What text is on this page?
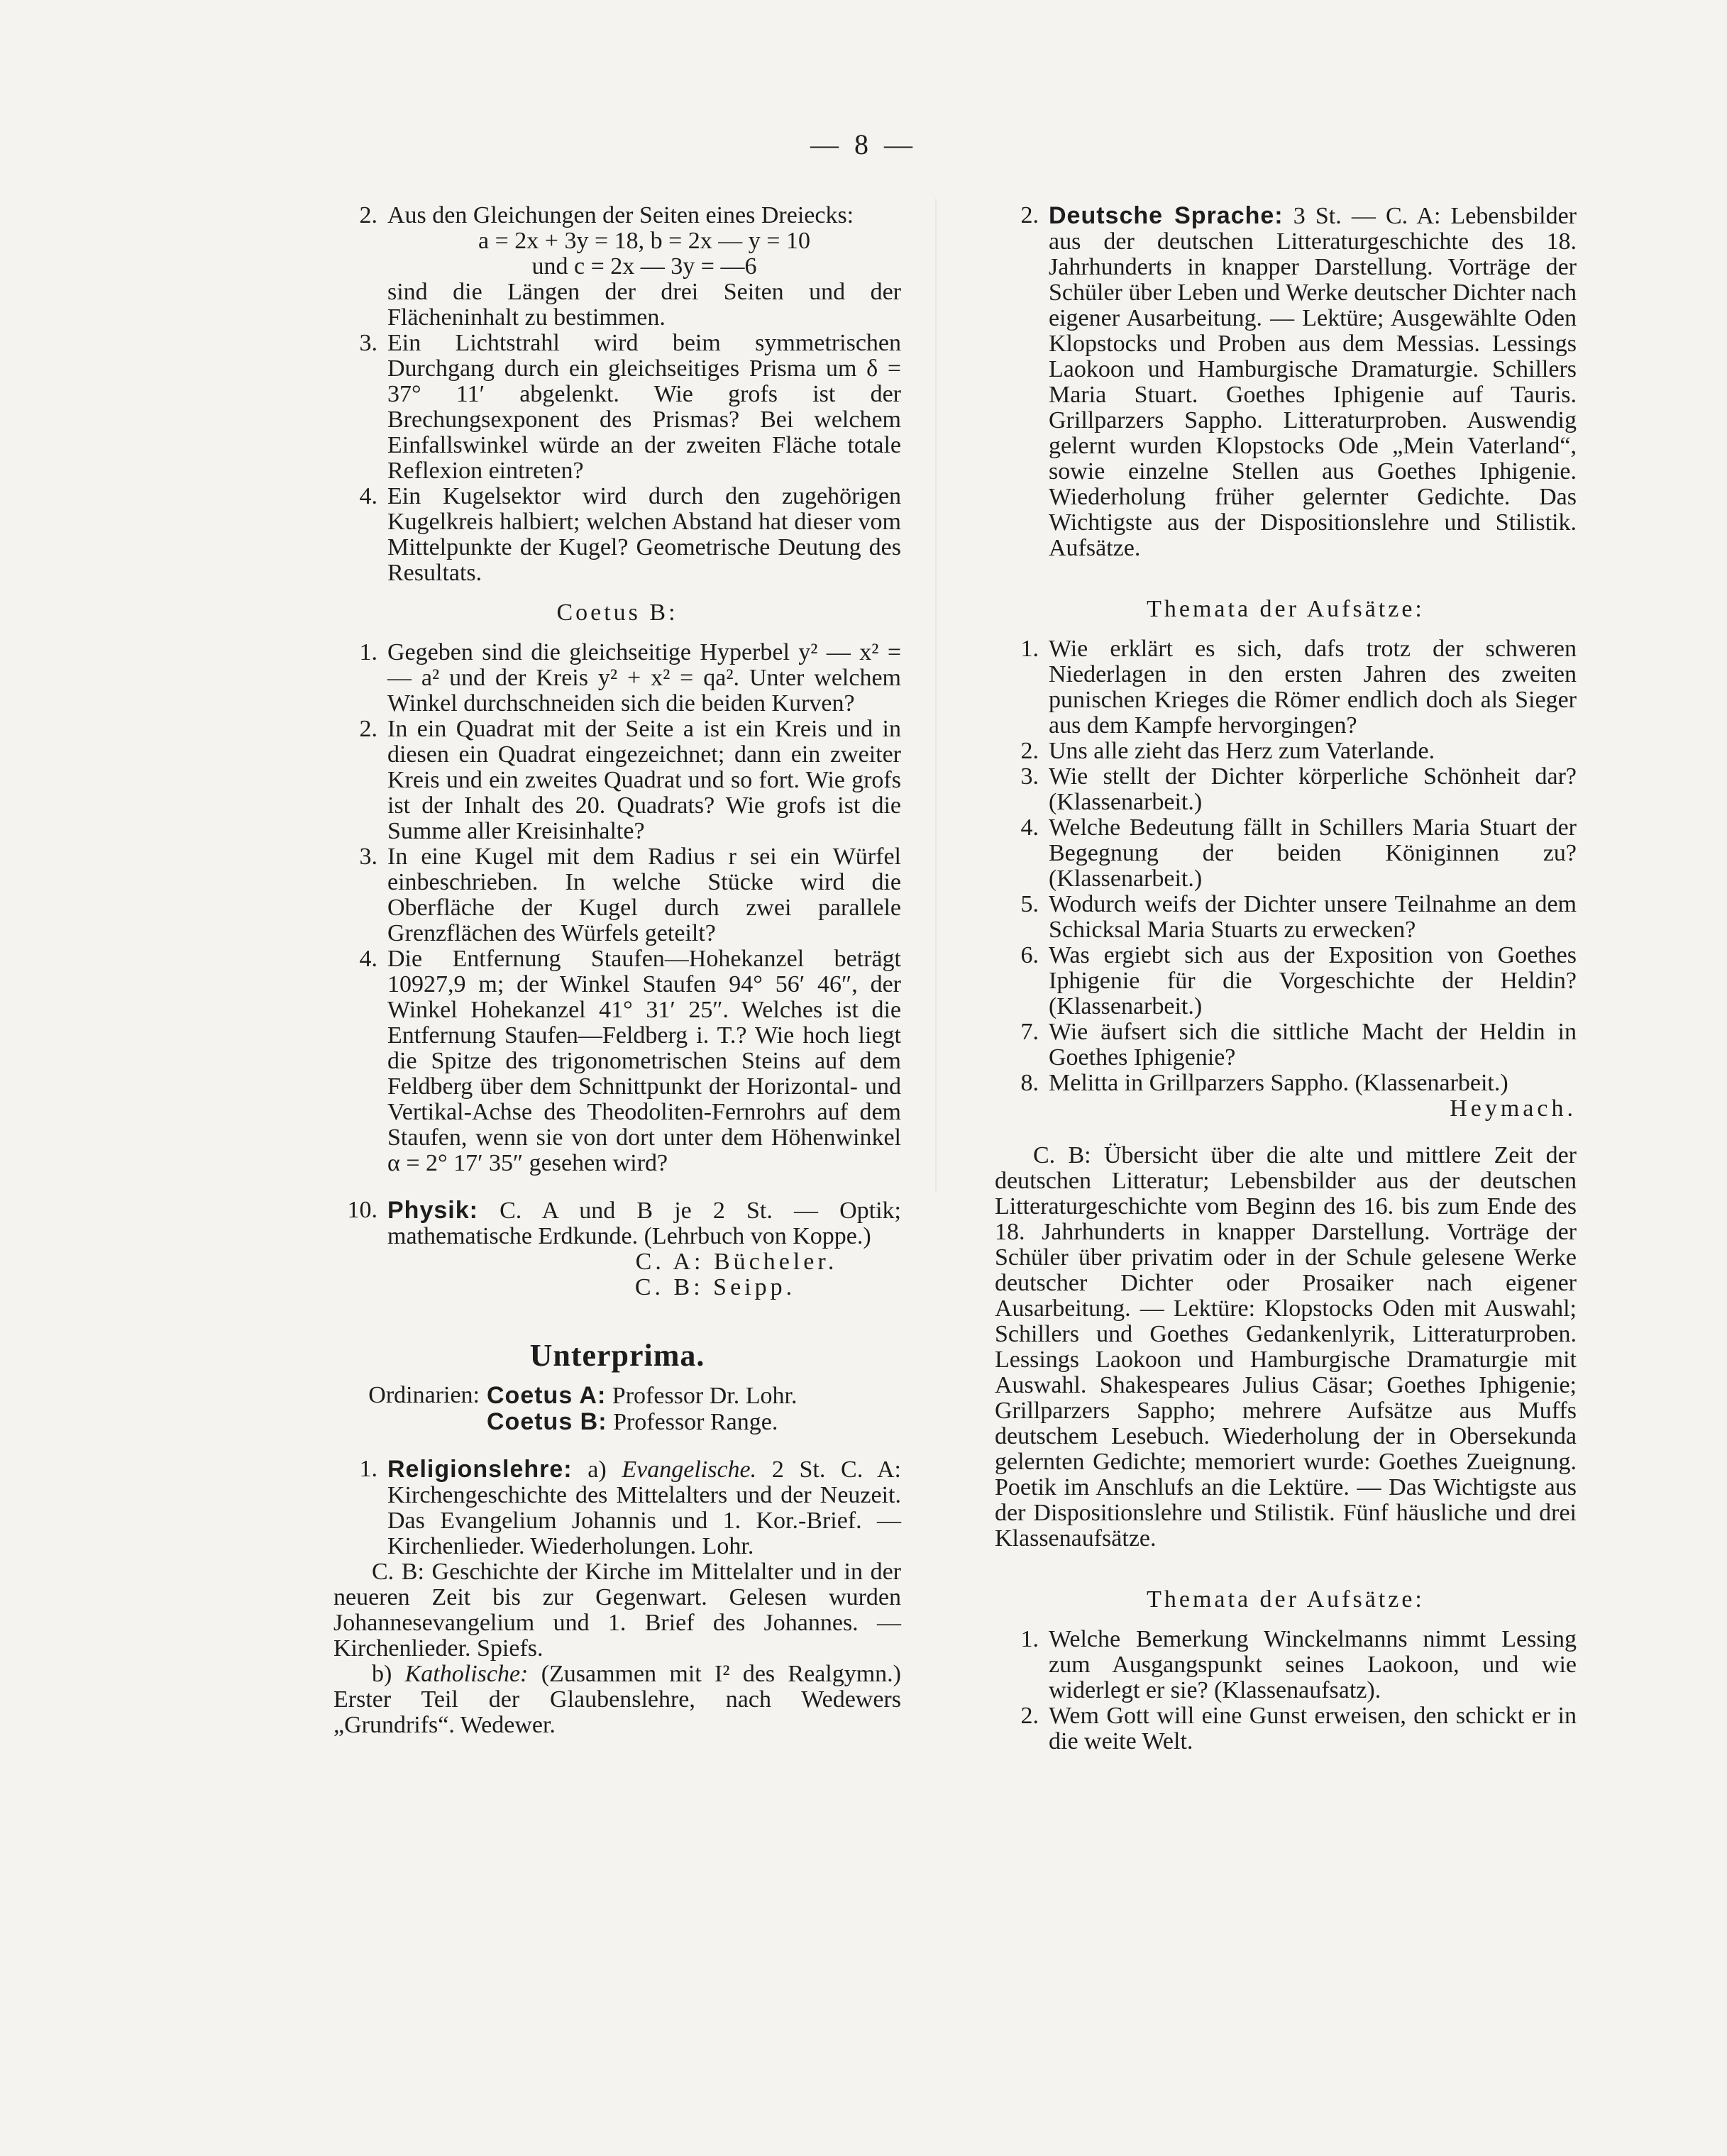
— 8 —
2. Aus den Gleichungen der Seiten eines Dreiecks:
a = 2x + 3y = 18, b = 2x — y = 10
und c = 2x — 3y = —6
sind die Längen der drei Seiten und der Flächeninhalt zu bestimmen.
3. Ein Lichtstrahl wird beim symmetrischen Durchgang durch ein gleichseitiges Prisma um δ = 37° 11′ abgelenkt. Wie grofs ist der Brechungsexponent des Prismas? Bei welchem Einfallswinkel würde an der zweiten Fläche totale Reflexion eintreten?
4. Ein Kugelsektor wird durch den zugehörigen Kugelkreis halbiert; welchen Abstand hat dieser vom Mittelpunkte der Kugel? Geometrische Deutung des Resultats.
Coetus B:
1. Gegeben sind die gleichseitige Hyperbel y² — x² = — a² und der Kreis y² + x² = qa². Unter welchem Winkel durchschneiden sich die beiden Kurven?
2. In ein Quadrat mit der Seite a ist ein Kreis und in diesen ein Quadrat eingezeichnet; dann ein zweiter Kreis und ein zweites Quadrat und so fort. Wie grofs ist der Inhalt des 20. Quadrats? Wie grofs ist die Summe aller Kreisinhalte?
3. In eine Kugel mit dem Radius r sei ein Würfel einbeschrieben. In welche Stücke wird die Oberfläche der Kugel durch zwei parallele Grenzflächen des Würfels geteilt?
4. Die Entfernung Staufen—Hohekanzel beträgt 10927,9 m; der Winkel Staufen 94° 56′ 46″, der Winkel Hohekanzel 41° 31′ 25″. Welches ist die Entfernung Staufen—Feldberg i. T.? Wie hoch liegt die Spitze des trigonometrischen Steins auf dem Feldberg über dem Schnittpunkt der Horizontal- und Vertikal-Achse des Theodoliten-Fernrohrs auf dem Staufen, wenn sie von dort unter dem Höhenwinkel α = 2° 17′ 35″ gesehen wird?
10. Physik: C. A und B je 2 St. — Optik; mathematische Erdkunde. (Lehrbuch von Koppe.)
C. A: Bücheler.
C. B: Seipp.
Unterprima.
Ordinarien: Coetus A: Professor Dr. Lohr.
Coetus B: Professor Range.
1. Religionslehre: a) Evangelische. 2 St. C. A: Kirchengeschichte des Mittelalters und der Neuzeit. Das Evangelium Johannis und 1. Kor.-Brief. — Kirchenlieder. Wiederholungen. Lohr.
C. B: Geschichte der Kirche im Mittelalter und in der neueren Zeit bis zur Gegenwart. Gelesen wurden Johannesevangelium und 1. Brief des Johannes. — Kirchenlieder. Spiefs.
b) Katholische: (Zusammen mit I² des Realgymn.) Erster Teil der Glaubenslehre, nach Wedewers „Grundrifs“. Wedewer.
2. Deutsche Sprache: 3 St. — C. A: Lebensbilder aus der deutschen Litteraturgeschichte des 18. Jahrhunderts in knapper Darstellung. Vorträge der Schüler über Leben und Werke deutscher Dichter nach eigener Ausarbeitung. — Lektüre; Ausgewählte Oden Klopstocks und Proben aus dem Messias. Lessings Laokoon und Hamburgische Dramaturgie. Schillers Maria Stuart. Goethes Iphigenie auf Tauris. Grillparzers Sappho. Litteraturproben. Auswendig gelernt wurden Klopstocks Ode „Mein Vaterland“, sowie einzelne Stellen aus Goethes Iphigenie. Wiederholung früher gelernter Gedichte. Das Wichtigste aus der Dispositionslehre und Stilistik. Aufsätze.
Themata der Aufsätze:
1. Wie erklärt es sich, dafs trotz der schweren Niederlagen in den ersten Jahren des zweiten punischen Krieges die Römer endlich doch als Sieger aus dem Kampfe hervorgingen?
2. Uns alle zieht das Herz zum Vaterlande.
3. Wie stellt der Dichter körperliche Schönheit dar? (Klassenarbeit.)
4. Welche Bedeutung fällt in Schillers Maria Stuart der Begegnung der beiden Königinnen zu? (Klassenarbeit.)
5. Wodurch weifs der Dichter unsere Teilnahme an dem Schicksal Maria Stuarts zu erwecken?
6. Was ergiebt sich aus der Exposition von Goethes Iphigenie für die Vorgeschichte der Heldin? (Klassenarbeit.)
7. Wie äufsert sich die sittliche Macht der Heldin in Goethes Iphigenie?
8. Melitta in Grillparzers Sappho. (Klassenarbeit.)
Heymach.
C. B: Übersicht über die alte und mittlere Zeit der deutschen Litteratur; Lebensbilder aus der deutschen Litteraturgeschichte vom Beginn des 16. bis zum Ende des 18. Jahrhunderts in knapper Darstellung. Vorträge der Schüler über privatim oder in der Schule gelesene Werke deutscher Dichter oder Prosaiker nach eigener Ausarbeitung. — Lektüre: Klopstocks Oden mit Auswahl; Schillers und Goethes Gedankenlyrik, Litteraturproben. Lessings Laokoon und Hamburgische Dramaturgie mit Auswahl. Shakespeares Julius Cäsar; Goethes Iphigenie; Grillparzers Sappho; mehrere Aufsätze aus Muffs deutschem Lesebuch. Wiederholung der in Obersekunda gelernten Gedichte; memoriert wurde: Goethes Zueignung. Poetik im Anschlufs an die Lektüre. — Das Wichtigste aus der Dispositionslehre und Stilistik. Fünf häusliche und drei Klassenaufsätze.
Themata der Aufsätze:
1. Welche Bemerkung Winckelmanns nimmt Lessing zum Ausgangspunkt seines Laokoon, und wie widerlegt er sie? (Klassenaufsatz).
2. Wem Gott will eine Gunst erweisen, den schickt er in die weite Welt.
